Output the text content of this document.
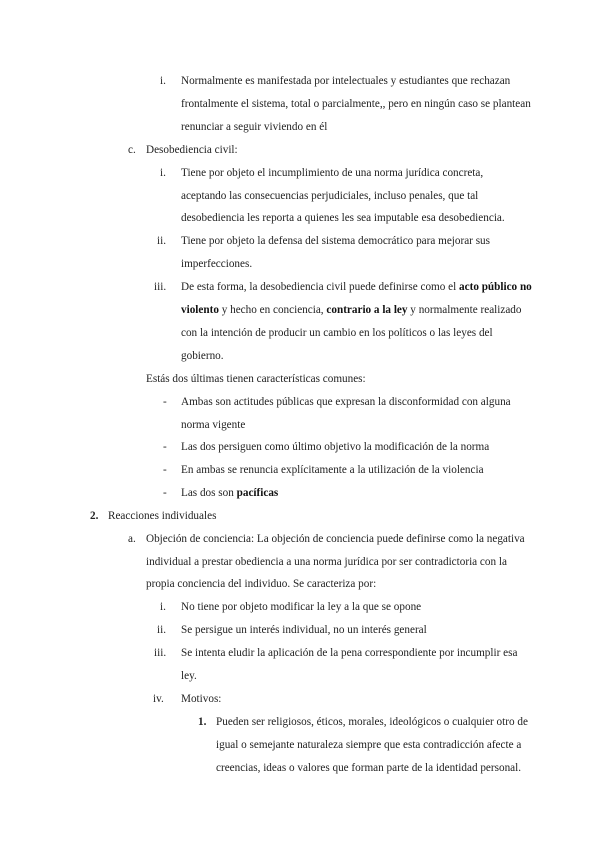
i. Normalmente es manifestada por intelectuales y estudiantes que rechazan
frontalmente el sistema, total o parcialmente,, pero en ningún caso se plantean
renunciar a seguir viviendo en él
c. Desobediencia civil:
i. Tiene por objeto el incumplimiento de una norma jurídica concreta,
aceptando las consecuencias perjudiciales, incluso penales, que tal
desobediencia les reporta a quienes les sea imputable esa desobediencia.
ii. Tiene por objeto la defensa del sistema democrático para mejorar sus
imperfecciones.
iii. De esta forma, la desobediencia civil puede definirse como el acto público no
violento y hecho en conciencia, contrario a la ley y normalmente realizado
con la intención de producir un cambio en los políticos o las leyes del
gobierno.
Estás dos últimas tienen características comunes:
- Ambas son actitudes públicas que expresan la disconformidad con alguna
norma vigente
- Las dos persiguen como último objetivo la modificación de la norma
- En ambas se renuncia explícitamente a la utilización de la violencia
- Las dos son pacíficas
2. Reacciones individuales
a. Objeción de conciencia: La objeción de conciencia puede definirse como la negativa
individual a prestar obediencia a una norma jurídica por ser contradictoria con la
propia conciencia del individuo. Se caracteriza por:
i. No tiene por objeto modificar la ley a la que se opone
ii. Se persigue un interés individual, no un interés general
iii. Se intenta eludir la aplicación de la pena correspondiente por incumplir esa
ley.
iv. Motivos:
1. Pueden ser religiosos, éticos, morales, ideológicos o cualquier otro de
igual o semejante naturaleza siempre que esta contradicción afecte a
creencias, ideas o valores que forman parte de la identidad personal.
